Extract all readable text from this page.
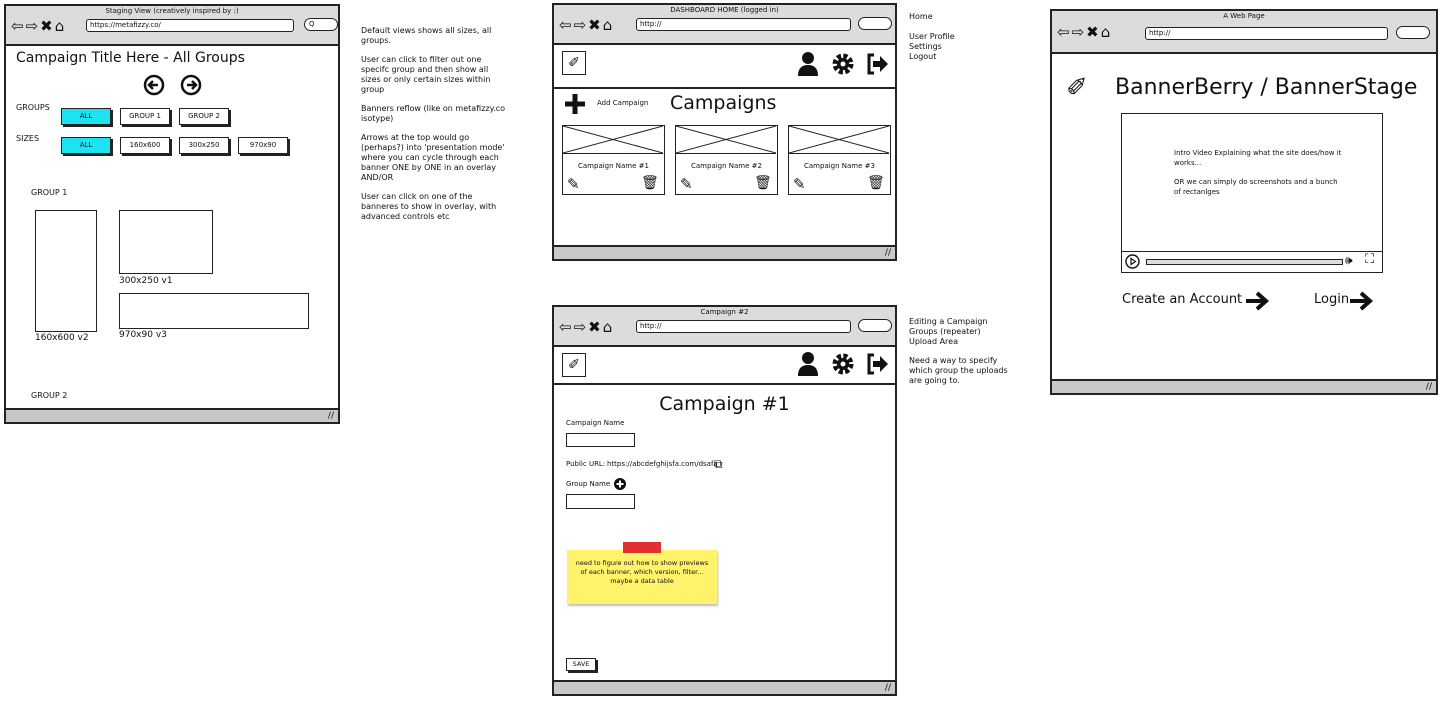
Staging View (creatively inspired by :)
⇦ ⇨ ✖ ⌂	https://metafizzy.co/	Q
Campaign Title Here - All Groups
GROUPS
ALL	GROUP 1	GROUP 2
SIZES
ALL	160x600	300x250	970x90
GROUP 1
160x600 v2
300x250 v1
970x90 v3
GROUP 2
//
Default views shows all sizes, all groups.
User can click to filter out one specifc group and then show all sizes or only certain sizes within group
Banners reflow (like on metafizzy.co isotype)
Arrows at the top would go (perhaps?) into 'presentation mode' where you can cycle through each banner ONE by ONE in an overlay AND/OR
User can click on one of the banneres to show in overlay, with advanced controls etc
DASHBOARD HOME (logged in)
⇦ ⇨ ✖ ⌂	http://
✐
Add Campaign Campaigns
Campaign Name #1
✎	🗑
Campaign Name #2
✎	🗑
Campaign Name #3
✎	🗑
//
Home
User Profile
Settings
Logout
Campaign #2
⇦ ⇨ ✖ ⌂	http://
✐
Campaign #1
Campaign Name
Public URL: https://abcdefghijsfa.com/dsafa
⧉
Group Name
need to figure out how to show previews of each banner, which version, filter... maybe a data table
SAVE
//
Editing a Campaign Groups (repeater) Upload Area
Need a way to specify which group the uploads are going to.
A Web Page
⇦ ⇨ ✖ ⌂	http://
✐ BannerBerry / BannerStage
Intro Video Explaining what the site does/how it works...
OR we can simply do screenshots and a bunch of rectanlges
🕪 ⛶
Create an Account	Login
//
